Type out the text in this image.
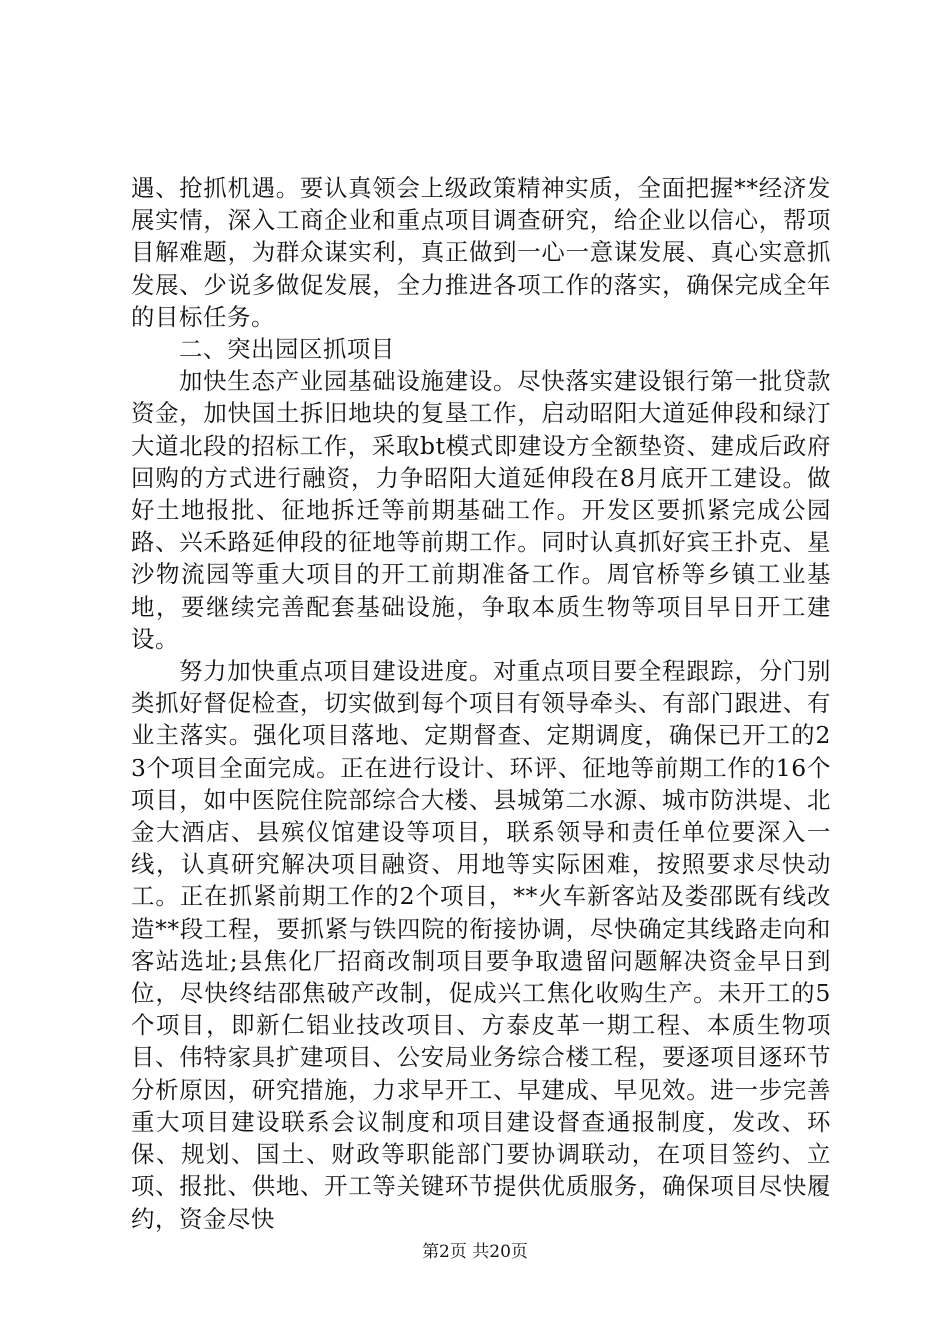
遇、抢抓机遇。要认真领会上级政策精神实质，全面把握**经济发展实情，深入工商企业和重点项目调查研究，给企业以信心，帮项目解难题，为群众谋实利，真正做到一心一意谋发展、真心实意抓发展、少说多做促发展，全力推进各项工作的落实，确保完成全年的目标任务。

二、突出园区抓项目

加快生态产业园基础设施建设。尽快落实建设银行第一批贷款资金，加快国土拆旧地块的复垦工作，启动昭阳大道延伸段和绿汀大道北段的招标工作，采取bt模式即建设方全额垫资、建成后政府回购的方式进行融资，力争昭阳大道延伸段在8月底开工建设。做好土地报批、征地拆迁等前期基础工作。开发区要抓紧完成公园路、兴禾路延伸段的征地等前期工作。同时认真抓好宾王扑克、星沙物流园等重大项目的开工前期准备工作。周官桥等乡镇工业基地，要继续完善配套基础设施，争取本质生物等项目早日开工建设。

努力加快重点项目建设进度。对重点项目要全程跟踪，分门别类抓好督促检查，切实做到每个项目有领导牵头、有部门跟进、有业主落实。强化项目落地、定期督查、定期调度，确保已开工的23个项目全面完成。正在进行设计、环评、征地等前期工作的16个项目，如中医院住院部综合大楼、县城第二水源、城市防洪堤、北金大酒店、县殡仪馆建设等项目，联系领导和责任单位要深入一线，认真研究解决项目融资、用地等实际困难，按照要求尽快动工。正在抓紧前期工作的2个项目，**火车新客站及娄邵既有线改造**段工程，要抓紧与铁四院的衔接协调，尽快确定其线路走向和客站选址;县焦化厂招商改制项目要争取遗留问题解决资金早日到位，尽快终结邵焦破产改制，促成兴工焦化收购生产。未开工的5个项目，即新仁铝业技改项目、方泰皮革一期工程、本质生物项目、伟特家具扩建项目、公安局业务综合楼工程，要逐项目逐环节分析原因，研究措施，力求早开工、早建成、早见效。进一步完善重大项目建设联系会议制度和项目建设督查通报制度，发改、环保、规划、国土、财政等职能部门要协调联动，在项目签约、立项、报批、供地、开工等关键环节提供优质服务，确保项目尽快履约，资金尽快

第2页 共20页
